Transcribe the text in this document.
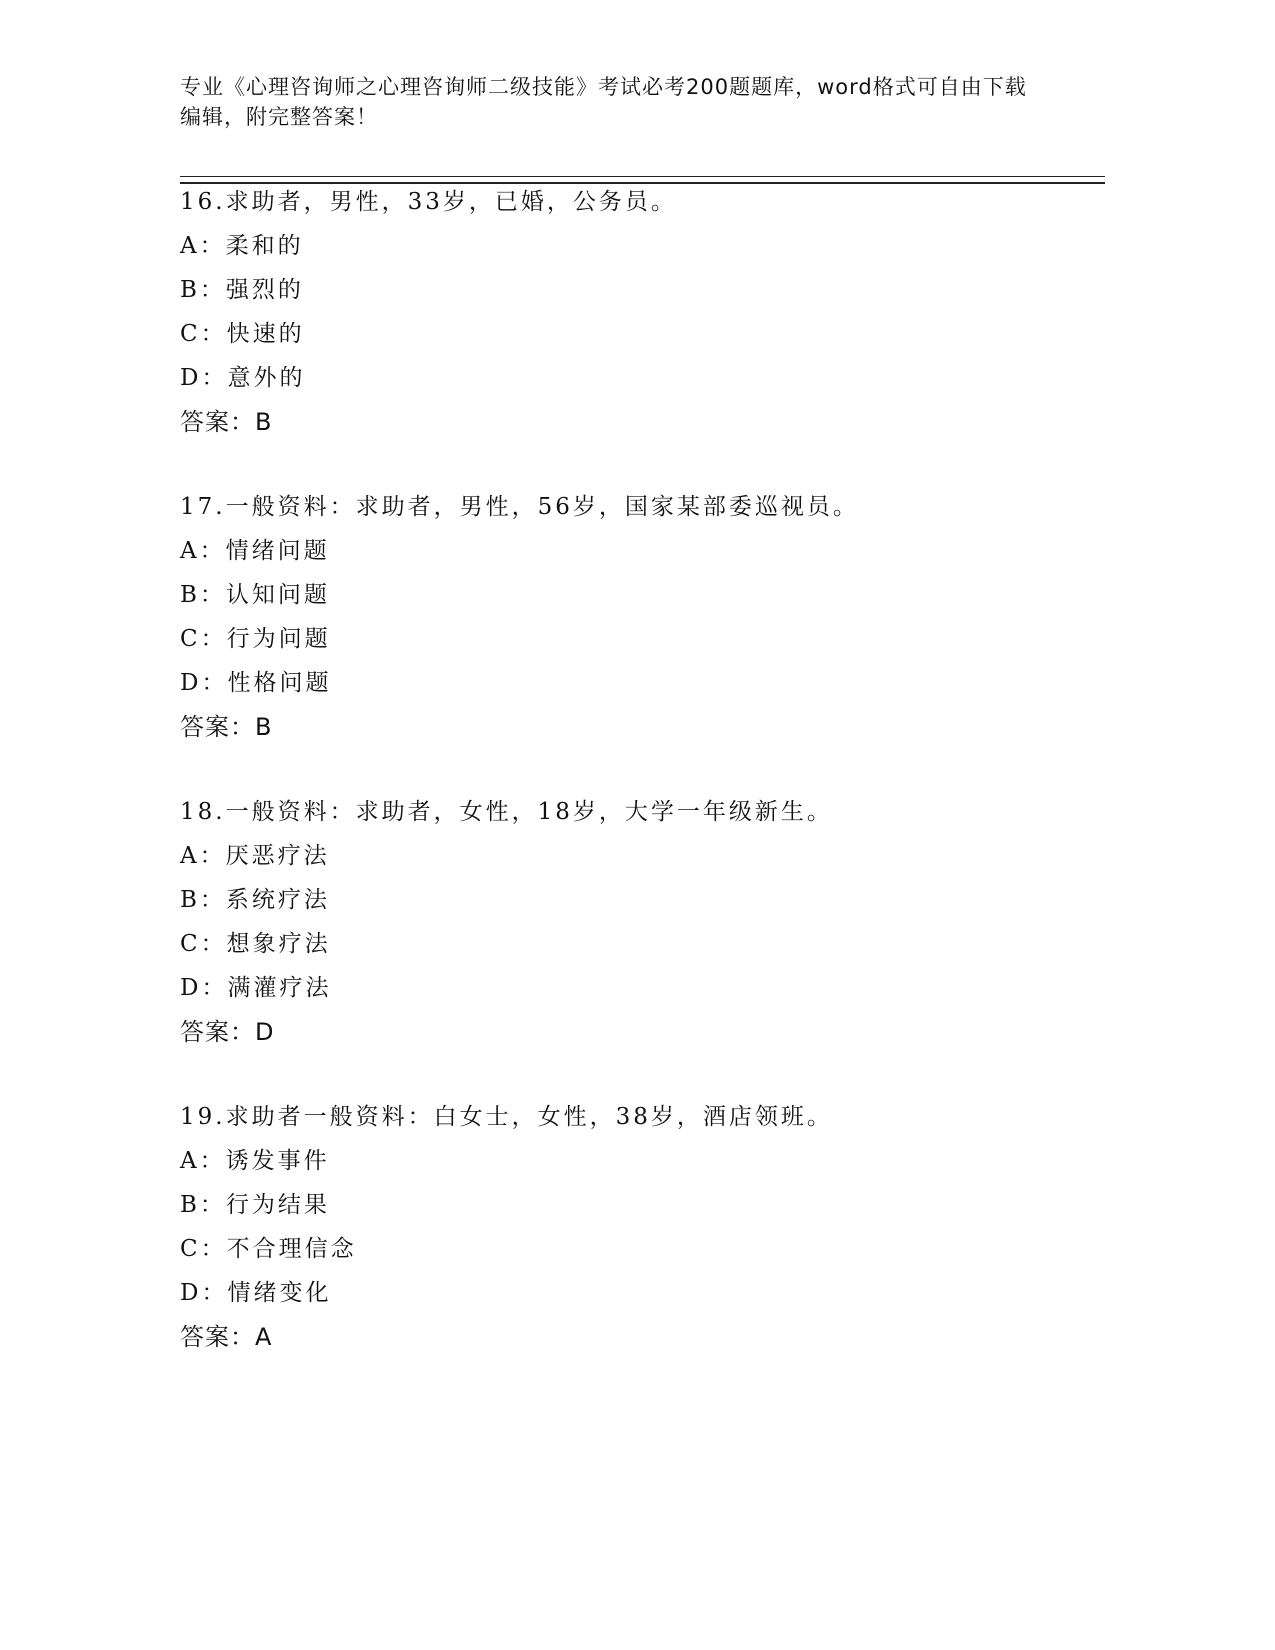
专业《心理咨询师之心理咨询师二级技能》考试必考200题题库，word格式可自由下载编辑，附完整答案！
16.求助者，男性，33岁，已婚，公务员。
A：柔和的
B：强烈的
C：快速的
D：意外的
答案：B
17.一般资料：求助者，男性，56岁，国家某部委巡视员。
A：情绪问题
B：认知问题
C：行为问题
D：性格问题
答案：B
18.一般资料：求助者，女性，18岁，大学一年级新生。
A：厌恶疗法
B：系统疗法
C：想象疗法
D：满灌疗法
答案：D
19.求助者一般资料：白女士，女性，38岁，酒店领班。
A：诱发事件
B：行为结果
C：不合理信念
D：情绪变化
答案：A
